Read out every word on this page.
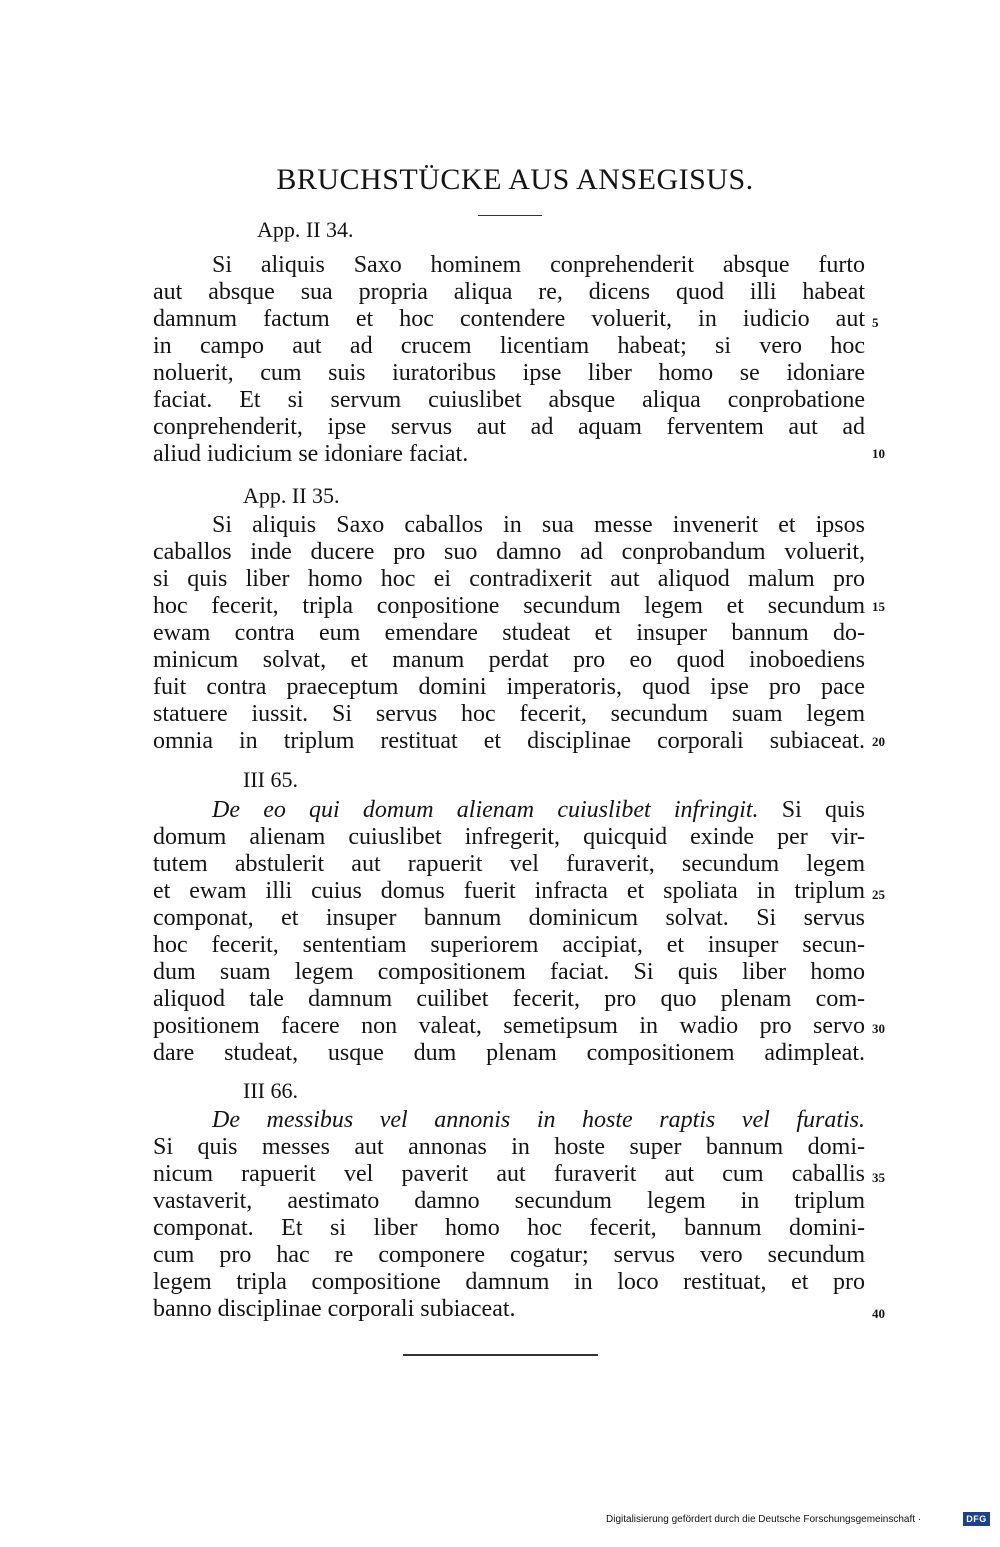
BRUCHSTÜCKE AUS ANSEGISUS.
App. II 34.
Si aliquis Saxo hominem conprehenderit absque furto
aut absque sua propria aliqua re, dicens quod illi habeat
damnum factum et hoc contendere voluerit, in iudicio aut
in campo aut ad crucem licentiam habeat; si vero hoc
noluerit, cum suis iuratoribus ipse liber homo se idoniare
faciat. Et si servum cuiuslibet absque aliqua conprobatione
conprehenderit, ipse servus aut ad aquam ferventem aut ad
aliud iudicium se idoniare faciat.
App. II 35.
Si aliquis Saxo caballos in sua messe invenerit et ipsos
caballos inde ducere pro suo damno ad conprobandum voluerit,
si quis liber homo hoc ei contradixerit aut aliquod malum pro
hoc fecerit, tripla conpositione secundum legem et secundum
ewam contra eum emendare studeat et insuper bannum do-
minicum solvat, et manum perdat pro eo quod inoboediens
fuit contra praeceptum domini imperatoris, quod ipse pro pace
statuere iussit. Si servus hoc fecerit, secundum suam legem
omnia in triplum restituat et disciplinae corporali subiaceat.
III 65.
De eo qui domum alienam cuiuslibet infringit. Si quis
domum alienam cuiuslibet infregerit, quicquid exinde per vir-
tutem abstulerit aut rapuerit vel furaverit, secundum legem
et ewam illi cuius domus fuerit infracta et spoliata in triplum
componat, et insuper bannum dominicum solvat. Si servus
hoc fecerit, sententiam superiorem accipiat, et insuper secun-
dum suam legem compositionem faciat. Si quis liber homo
aliquod tale damnum cuilibet fecerit, pro quo plenam com-
positionem facere non valeat, semetipsum in wadio pro servo
dare studeat, usque dum plenam compositionem adimpleat.
III 66.
De messibus vel annonis in hoste raptis vel furatis.
Si quis messes aut annonas in hoste super bannum domi-
nicum rapuerit vel paverit aut furaverit aut cum caballis
vastaverit, aestimato damno secundum legem in triplum
componat. Et si liber homo hoc fecerit, bannum domini-
cum pro hac re componere cogatur; servus vero secundum
legem tripla compositione damnum in loco restituat, et pro
banno disciplinae corporali subiaceat.
5
10
15
20
25
30
35
40
Digitalisierung gefördert durch die Deutsche Forschungsgemeinschaft ·	DFG
